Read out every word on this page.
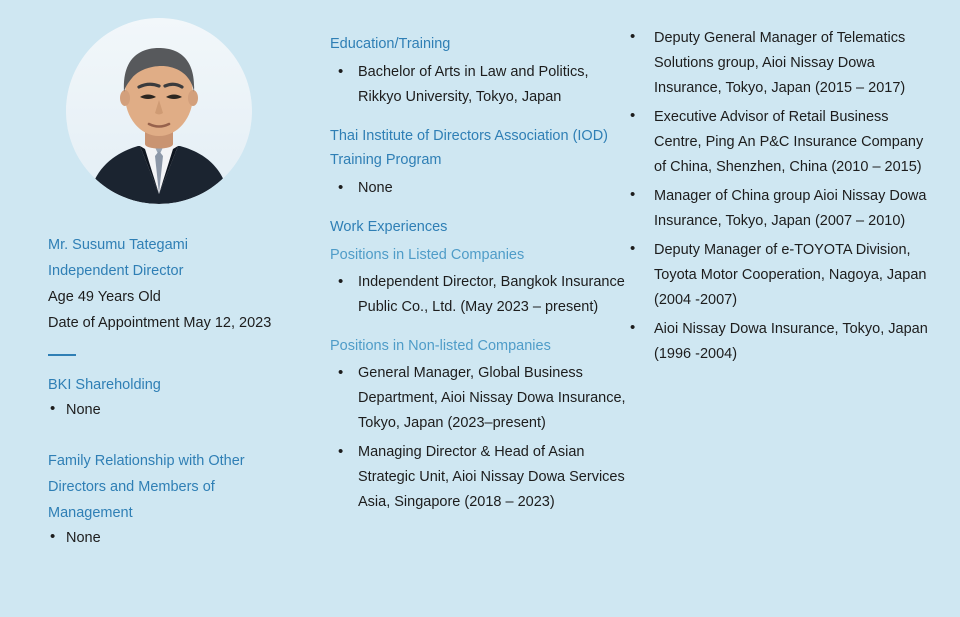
Mr. Susumu Tategami
Independent Director
Age 49 Years Old
Date of Appointment May 12, 2023
BKI Shareholding
• None
Family Relationship with Other Directors and Members of Management
• None
Education/Training
• Bachelor of Arts in Law and Politics, Rikkyo University, Tokyo, Japan
Thai Institute of Directors Association (IOD) Training Program
• None
Work Experiences
Positions in Listed Companies
• Independent Director, Bangkok Insurance Public Co., Ltd. (May 2023 – present)
Positions in Non-listed Companies
• General Manager, Global Business Department, Aioi Nissay Dowa Insurance, Tokyo, Japan (2023–present)
• Managing Director & Head of Asian Strategic Unit, Aioi Nissay Dowa Services Asia, Singapore (2018 – 2023)
• Deputy General Manager of Telematics Solutions group, Aioi Nissay Dowa Insurance, Tokyo, Japan (2015 – 2017)
• Executive Advisor of Retail Business Centre, Ping An P&C Insurance Company of China, Shenzhen, China (2010 – 2015)
• Manager of China group Aioi Nissay Dowa Insurance, Tokyo, Japan (2007 – 2010)
• Deputy Manager of e-TOYOTA Division, Toyota Motor Cooperation, Nagoya, Japan (2004 -2007)
• Aioi Nissay Dowa Insurance, Tokyo, Japan (1996 -2004)
